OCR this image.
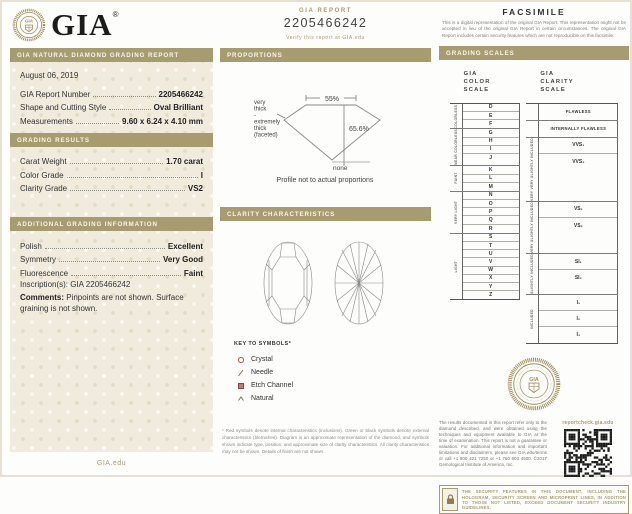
GIA GIA ®
GIA NATURAL DIAMOND GRADING REPORT
August 06, 2019
GIA Report Number	2205466242
Shape and Cutting Style	Oval Brilliant
Measurements	9.60 x 6.24 x 4.10 mm
GRADING RESULTS
Carat Weight	1.70 carat
Color Grade	I
Clarity Grade	VS2
ADDITIONAL GRADING INFORMATION
Polish	Excellent
Symmetry	Very Good
Fluorescence	Faint
Inscription(s): GIA 2205466242
Comments: Pinpoints are not shown. Surface graining is not shown.
GIA.edu
GIA REPORT
2205466242
Verify this report at GIA.edu
PROPORTIONS
55%
65.6%
very
thick
-
extremely
thick
(faceted)
none
Profile not to actual proportions
CLARITY CHARACTERISTICS
KEY TO SYMBOLS*
Crystal
Needle
Etch Channel
Natural
* Red symbols denote internal characteristics (inclusions). Green or black symbols denote external characteristics (blemishes). Diagram is an approximate representation of the diamond, and symbols shown indicate type, position, and approximate size of clarity characteristics. All clarity characteristics may not be shown. Details of finish are not shown.
FACSIMILE
This is a digital representation of the original GIA Report. This representation might not be accepted in lieu of the original GIA Report in certain circumstances. The original GIA Report includes certain security features which are not reproducible on this facsimile.
GRADING SCALES
GIA
COLOR
SCALE
COLORLESS	D
E
F
NEAR COLORLESS	G
H
I
J
FAINT
K
L
M
VERY LIGHT
N
O
P
Q
R
LIGHT
S
T
U
V
W
X
Y
Z
GIA
CLARITY
SCALE
FLAWLESS
INTERNALLY FLAWLESS
VERY VERY SLIGHTLY INCLUDED	VVS₁
VVS₂
VERY SLIGHTLY INCLUDED	VS₁
VS₂
SLIGHTLY INCLUDED	SI₁
SI₂
INCLUDED
I₁
I₂
I₃
GIA
The results documented in this report refer only to the diamond described, and were obtained using the techniques and equipment available to GIA at the time of examination. This report is not a guarantee or valuation. For additional information and important limitations and disclaimers, please see GIA.edu/terms or call +1 800 421 7250 or +1 760 603 4500. ©2017 Gemological Institute of America, Inc.
reportcheck.gia.edu
THE SECURITY FEATURES IN THIS DOCUMENT, INCLUDING THE HOLOGRAM, SECURITY SCREEN AND MICROPRINT LINES, IN ADDITION TO THOSE NOT LISTED, EXCEED DOCUMENT SECURITY INDUSTRY GUIDELINES.
